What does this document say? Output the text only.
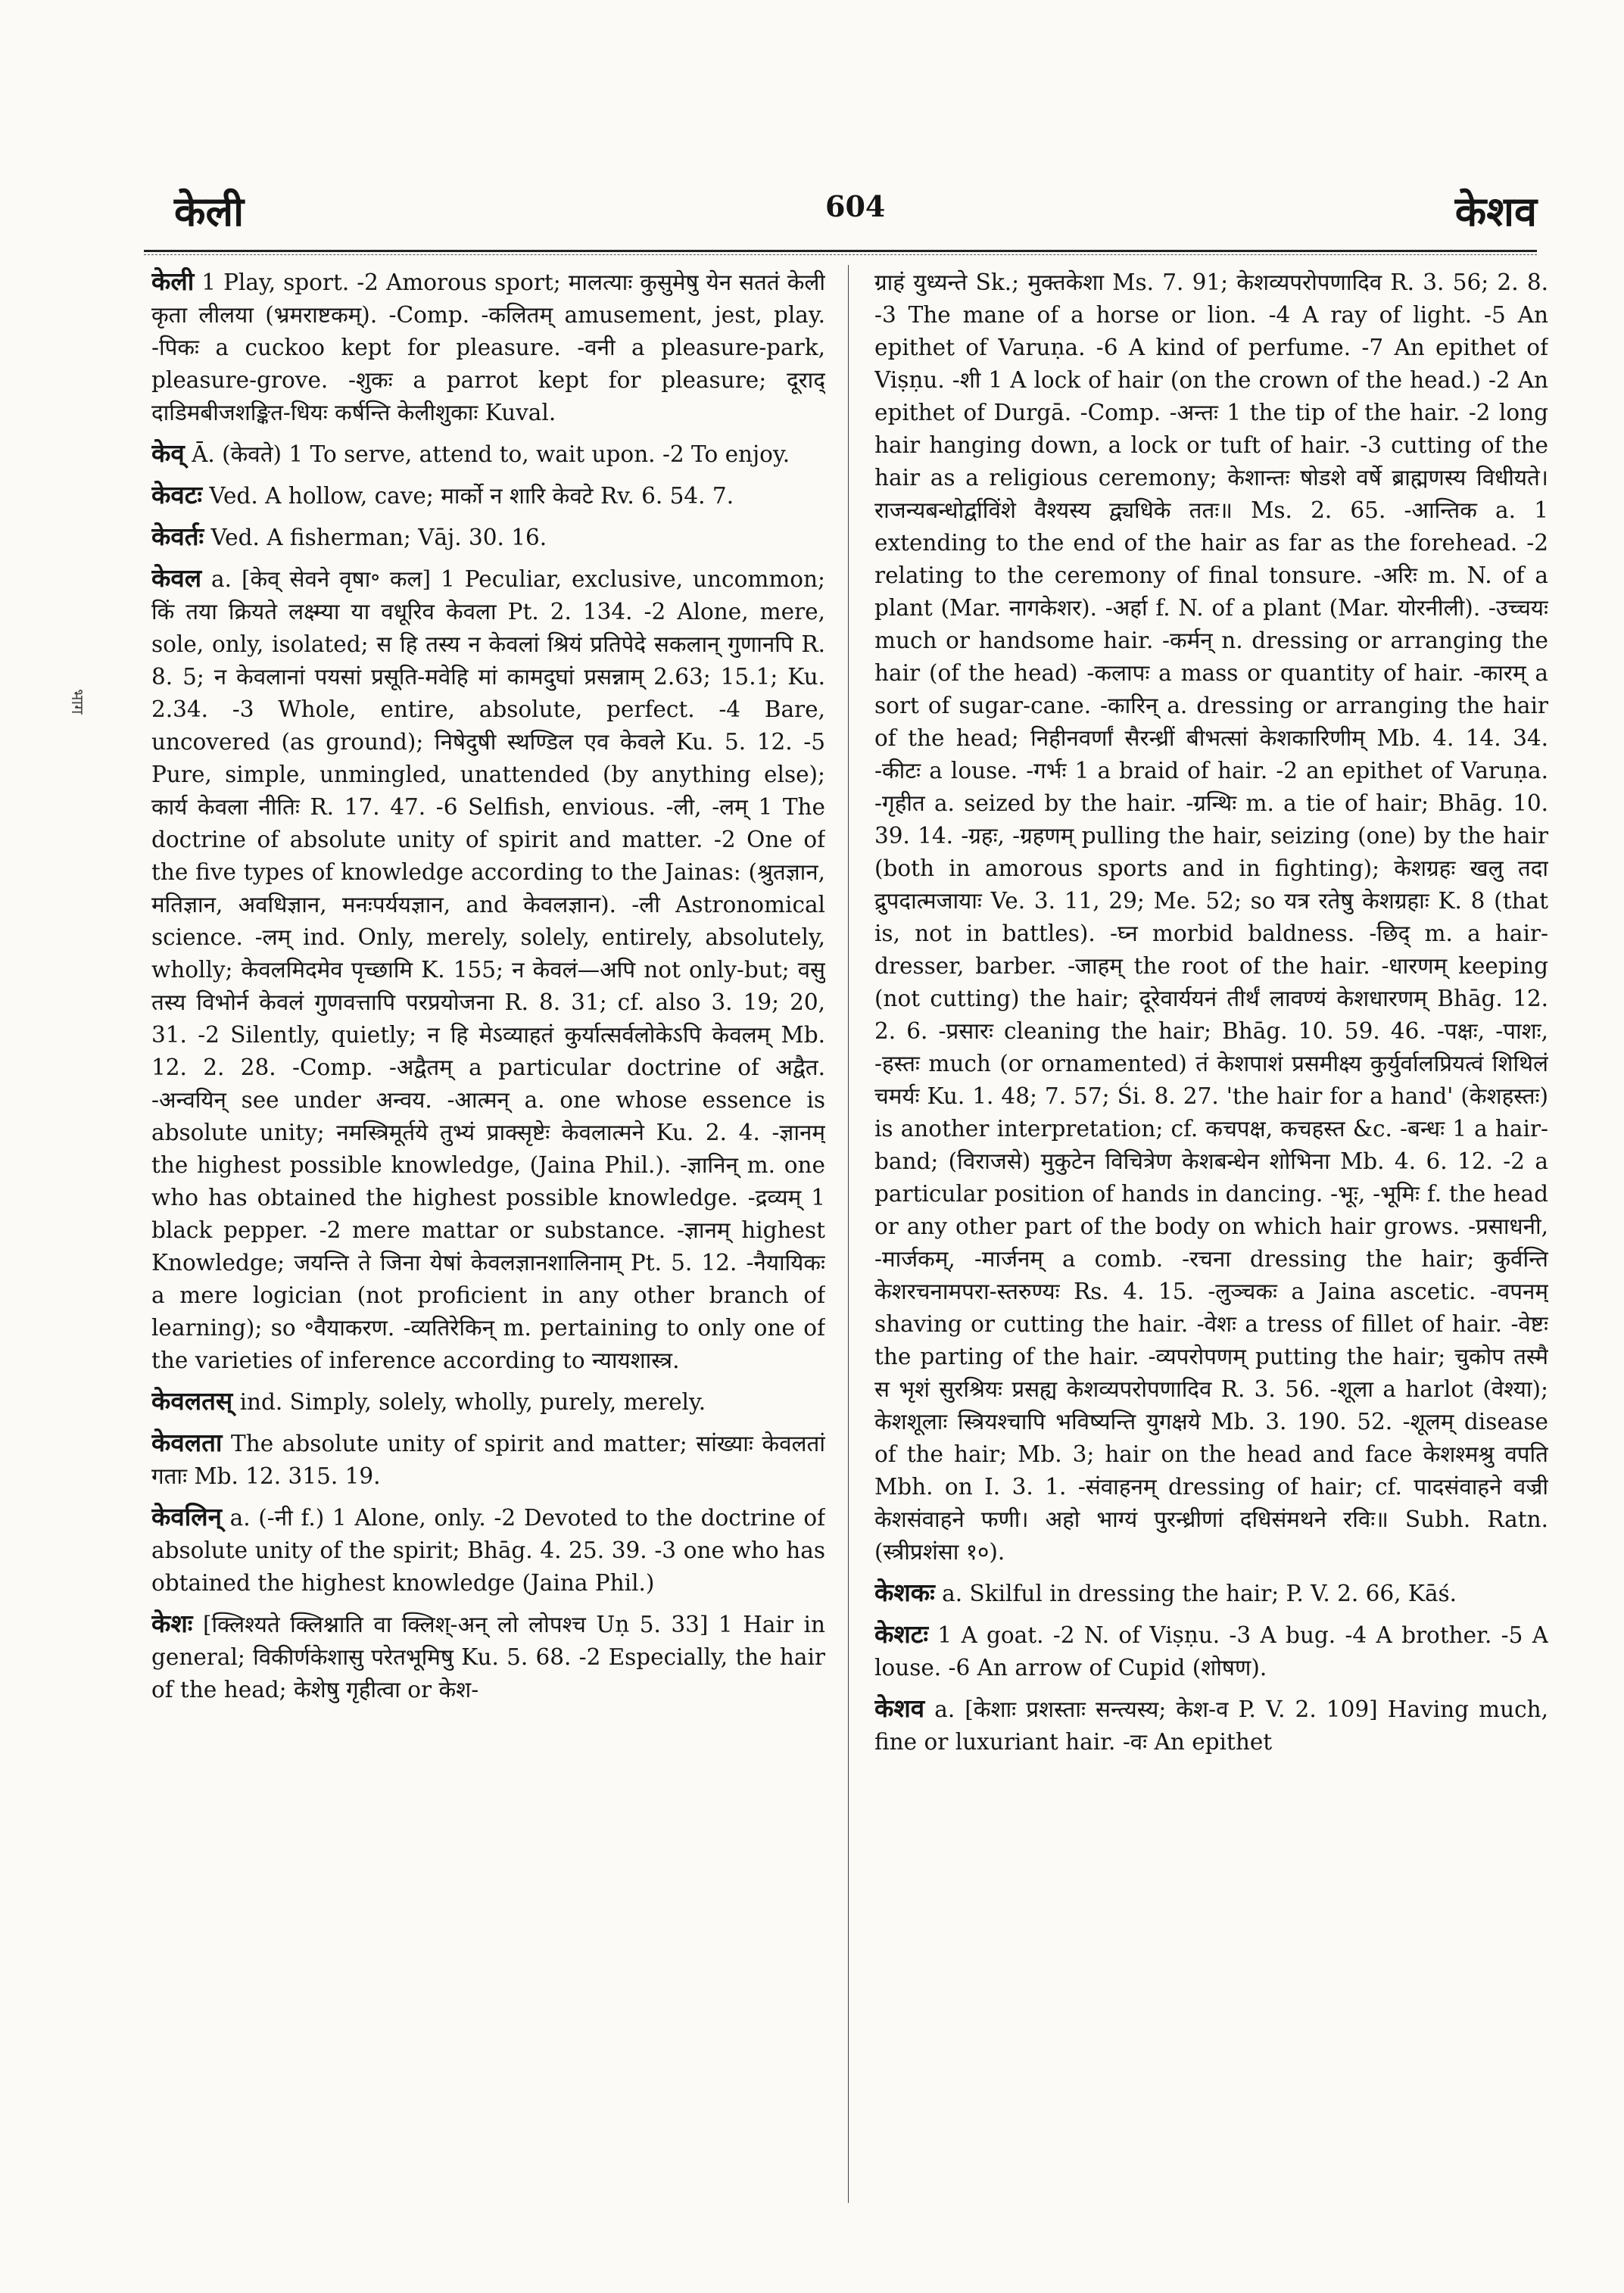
केली	604	केशव
भाग

केली 1 Play, sport. -2 Amorous sport; मालत्याः कुसुमेषु येन सततं केली कृता लीलया (भ्रमराष्टकम्). -Comp. -कलितम् amusement, jest, play. -पिकः a cuckoo kept for pleasure. -वनी a pleasure-park, pleasure-grove. -शुकः a parrot kept for pleasure; दूराद् दाडिमबीजशङ्कित-धियः कर्षन्ति केलीशुकाः Kuval.

केव् Ā. (केवते) 1 To serve, attend to, wait upon. -2 To enjoy.

केवटः Ved. A hollow, cave; मार्को न शारि केवटे Rv. 6. 54. 7.

केवर्तः Ved. A fisherman; Vāj. 30. 16.

केवल a. [केव् सेवने वृषा॰ कल] 1 Peculiar, exclusive, uncommon; किं तया क्रियते लक्ष्म्या या वधूरिव केवला Pt. 2. 134. -2 Alone, mere, sole, only, isolated; स हि तस्य न केवलां श्रियं प्रतिपेदे सकलान् गुणानपि R. 8. 5; न केवलानां पयसां प्रसूति-मवेहि मां कामदुघां प्रसन्नाम् 2.63; 15.1; Ku. 2.34. -3 Whole, entire, absolute, perfect. -4 Bare, uncovered (as ground); निषेदुषी स्थण्डिल एव केवले Ku. 5. 12. -5 Pure, simple, unmingled, unattended (by anything else); कार्य केवला नीतिः R. 17. 47. -6 Selfish, envious. -ली, -लम् 1 The doctrine of absolute unity of spirit and matter. -2 One of the five types of knowledge according to the Jainas: (श्रुतज्ञान, मतिज्ञान, अवधिज्ञान, मनःपर्ययज्ञान, and केवलज्ञान). -ली Astronomical science. -लम् ind. Only, merely, solely, entirely, absolutely, wholly; केवलमिदमेव पृच्छामि K. 155; न केवलं—अपि not only-but; वसु तस्य विभोर्न केवलं गुणवत्तापि परप्रयोजना R. 8. 31; cf. also 3. 19; 20, 31. -2 Silently, quietly; न हि मेऽव्याहतं कुर्यात्सर्वलोकेऽपि केवलम् Mb. 12. 2. 28. -Comp. -अद्वैतम् a particular doctrine of अद्वैत. -अन्वयिन् see under अन्वय. -आत्मन् a. one whose essence is absolute unity; नमस्त्रिमूर्तये तुभ्यं प्राक्सृष्टेः केवलात्मने Ku. 2. 4. -ज्ञानम् the highest possible knowledge, (Jaina Phil.). -ज्ञानिन् m. one who has obtained the highest possible knowledge. -द्रव्यम् 1 black pepper. -2 mere mattar or substance. -ज्ञानम् highest Knowledge; जयन्ति ते जिना येषां केवलज्ञानशालिनाम् Pt. 5. 12. -नैयायिकः a mere logician (not proficient in any other branch of learning); so ॰वैयाकरण. -व्यतिरेकिन् m. pertaining to only one of the varieties of inference according to न्यायशास्त्र.

केवलतस् ind. Simply, solely, wholly, purely, merely.

केवलता The absolute unity of spirit and matter; सांख्याः केवलतां गताः Mb. 12. 315. 19.

केवलिन् a. (-नी f.) 1 Alone, only. -2 Devoted to the doctrine of absolute unity of the spirit; Bhāg. 4. 25. 39. -3 one who has obtained the highest knowledge (Jaina Phil.)

केशः [क्लिश्यते क्लिश्नाति वा क्लिश्-अन् लो लोपश्च Uṇ 5. 33] 1 Hair in general; विकीर्णकेशासु परेतभूमिषु Ku. 5. 68. -2 Especially, the hair of the head; केशेषु गृहीत्वा or केश-

ग्राहं युध्यन्ते Sk.; मुक्तकेशा Ms. 7. 91; केशव्यपरोपणादिव R. 3. 56; 2. 8. -3 The mane of a horse or lion. -4 A ray of light. -5 An epithet of Varuṇa. -6 A kind of perfume. -7 An epithet of Viṣṇu. -शी 1 A lock of hair (on the crown of the head.) -2 An epithet of Durgā. -Comp. -अन्तः 1 the tip of the hair. -2 long hair hanging down, a lock or tuft of hair. -3 cutting of the hair as a religious ceremony; केशान्तः षोडशे वर्षे ब्राह्मणस्य विधीयते। राजन्यबन्धोर्द्वाविंशे वैश्यस्य द्व्यधिके ततः॥ Ms. 2. 65. -आन्तिक a. 1 extending to the end of the hair as far as the forehead. -2 relating to the ceremony of final tonsure. -अरिः m. N. of a plant (Mar. नागकेशर). -अर्हा f. N. of a plant (Mar. योरनीली). -उच्चयः much or handsome hair. -कर्मन् n. dressing or arranging the hair (of the head) -कलापः a mass or quantity of hair. -कारम् a sort of sugar-cane. -कारिन् a. dressing or arranging the hair of the head; निहीनवर्णां सैरन्ध्रीं बीभत्सां केशकारिणीम् Mb. 4. 14. 34. -कीटः a louse. -गर्भः 1 a braid of hair. -2 an epithet of Varuṇa. -गृहीत a. seized by the hair. -ग्रन्थिः m. a tie of hair; Bhāg. 10. 39. 14. -ग्रहः, -ग्रहणम् pulling the hair, seizing (one) by the hair (both in amorous sports and in fighting); केशग्रहः खलु तदा द्रुपदात्मजायाः Ve. 3. 11, 29; Me. 52; so यत्र रतेषु केशग्रहाः K. 8 (that is, not in battles). -घ्न morbid baldness. -छिद् m. a hair-dresser, barber. -जाहम् the root of the hair. -धारणम् keeping (not cutting) the hair; दूरेवार्ययनं तीर्थं लावण्यं केशधारणम् Bhāg. 12. 2. 6. -प्रसारः cleaning the hair; Bhāg. 10. 59. 46. -पक्षः, -पाशः, -हस्तः much (or ornamented) तं केशपाशं प्रसमीक्ष्य कुर्युर्वालप्रियत्वं शिथिलं चमर्यः Ku. 1. 48; 7. 57; Śi. 8. 27. 'the hair for a hand' (केशहस्तः) is another interpretation; cf. कचपक्ष, कचहस्त &c. -बन्धः 1 a hair-band; (विराजसे) मुकुटेन विचित्रेण केशबन्धेन शोभिना Mb. 4. 6. 12. -2 a particular position of hands in dancing. -भूः, -भूमिः f. the head or any other part of the body on which hair grows. -प्रसाधनी, -मार्जकम्, -मार्जनम् a comb. -रचना dressing the hair; कुर्वन्ति केशरचनामपरा-स्तरुण्यः Rs. 4. 15. -लुञ्चकः a Jaina ascetic. -वपनम् shaving or cutting the hair. -वेशः a tress of fillet of hair. -वेष्टः the parting of the hair. -व्यपरोपणम् putting the hair; चुकोप तस्मै स भृशं सुरश्रियः प्रसह्य केशव्यपरोपणादिव R. 3. 56. -शूला a harlot (वेश्या); केशशूलाः स्त्रियश्चापि भविष्यन्ति युगक्षये Mb. 3. 190. 52. -शूलम् disease of the hair; Mb. 3; hair on the head and face केशश्मश्रु वपति Mbh. on I. 3. 1. -संवाहनम् dressing of hair; cf. पादसंवाहने वज्री केशसंवाहने फणी। अहो भाग्यं पुरन्ध्रीणां दधिसंमथने रविः॥ Subh. Ratn. (स्त्रीप्रशंसा १०).

केशकः a. Skilful in dressing the hair; P. V. 2. 66, Kāś.

केशटः 1 A goat. -2 N. of Viṣṇu. -3 A bug. -4 A brother. -5 A louse. -6 An arrow of Cupid (शोषण).

केशव a. [केशाः प्रशस्ताः सन्त्यस्य; केश-व P. V. 2. 109] Having much, fine or luxuriant hair. -वः An epithet
